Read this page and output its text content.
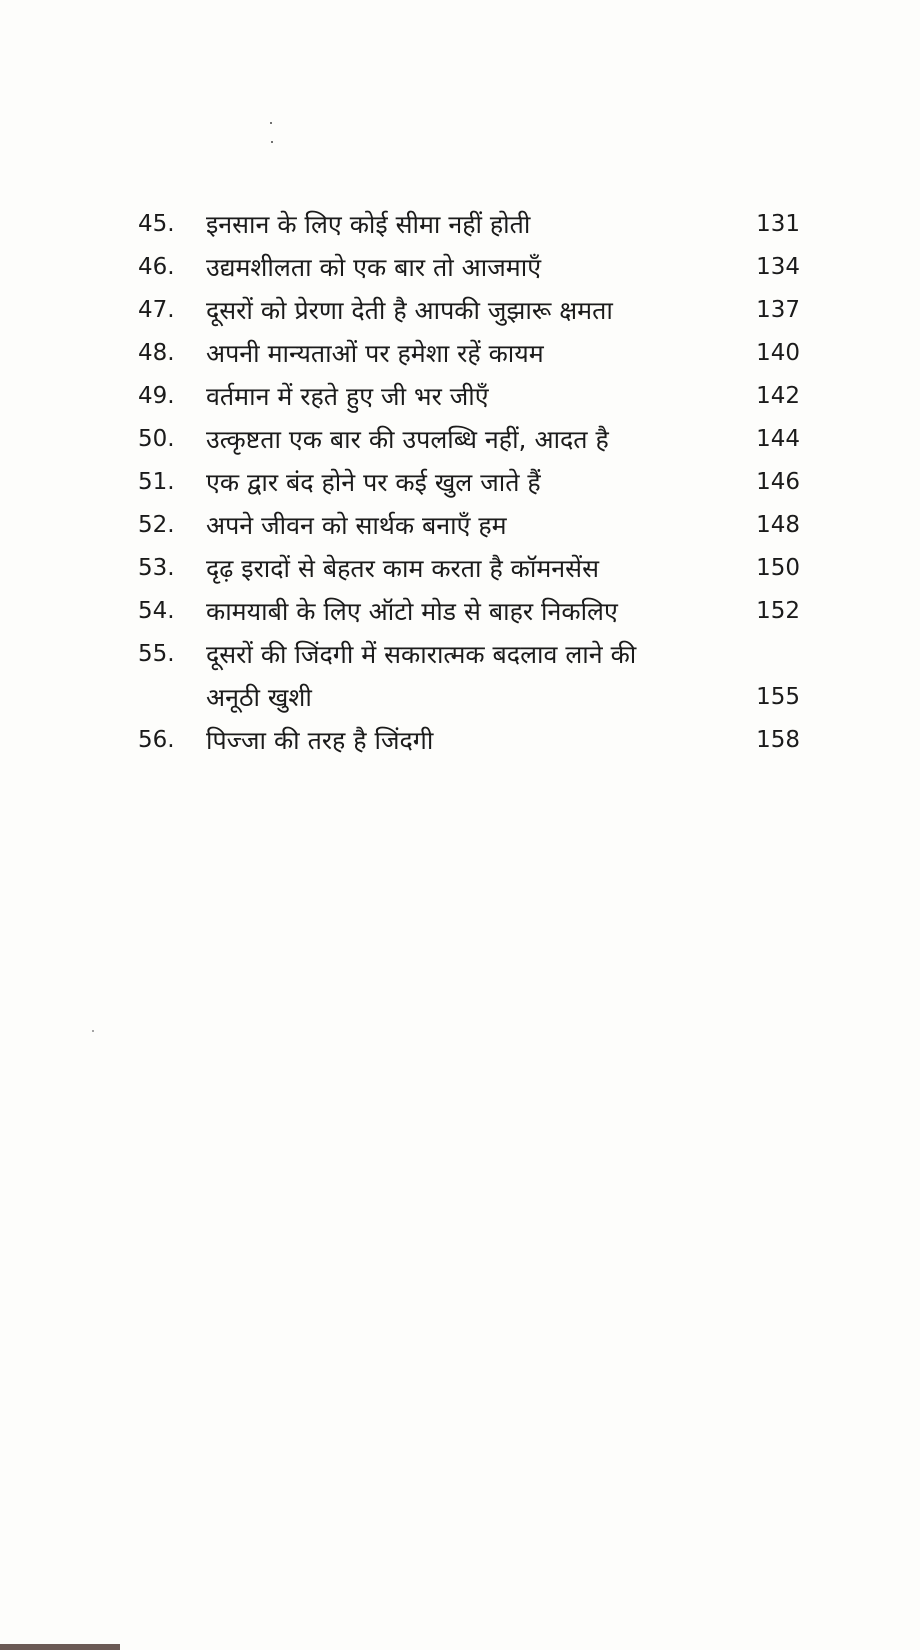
45.	इनसान के लिए कोई सीमा नहीं होती	131
46.	उद्यमशीलता को एक बार तो आजमाएँ	134
47.	दूसरों को प्रेरणा देती है आपकी जुझारू क्षमता	137
48.	अपनी मान्यताओं पर हमेशा रहें कायम	140
49.	वर्तमान में रहते हुए जी भर जीएँ	142
50.	उत्कृष्टता एक बार की उपलब्धि नहीं, आदत है	144
51.	एक द्वार बंद होने पर कई खुल जाते हैं	146
52.	अपने जीवन को सार्थक बनाएँ हम	148
53.	दृढ़ इरादों से बेहतर काम करता है कॉमनसेंस	150
54.	कामयाबी के लिए ऑटो मोड से बाहर निकलिए	152
55.	दूसरों की जिंदगी में सकारात्मक बदलाव लाने की
अनूठी खुशी	155
56.	पिज्जा की तरह है जिंदगी	158
